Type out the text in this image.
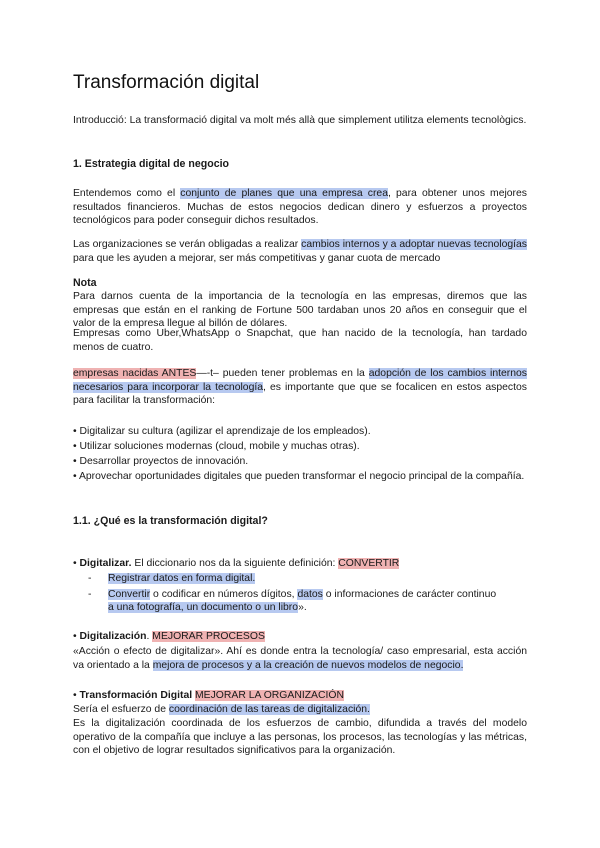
Transformación digital

Introducció: La transformació digital va molt més allà que simplement utilitza elements tecnològics.

1. Estrategia digital de negocio

Entendemos como el conjunto de planes que una empresa crea, para obtener unos mejores resultados financieros. Muchas de estos negocios dedican dinero y esfuerzos a proyectos tecnológicos para poder conseguir dichos resultados.

Las organizaciones se verán obligadas a realizar cambios internos y a adoptar nuevas tecnologías para que les ayuden a mejorar, ser más competitivas y ganar cuota de mercado

Nota

Para darnos cuenta de la importancia de la tecnología en las empresas, diremos que las empresas que están en el ranking de Fortune 500 tardaban unos 20 años en conseguir que el valor de la empresa llegue al billón de dólares.

Empresas como Uber,WhatsApp o Snapchat, que han nacido de la tecnología, han tardado menos de cuatro.

empresas nacidas ANTES—-t– pueden tener problemas en la adopción de los cambios internos necesarios para incorporar la tecnología, es importante que que se focalicen en estos aspectos para facilitar la transformación:

• Digitalizar su cultura (agilizar el aprendizaje de los empleados).
• Utilizar soluciones modernas (cloud, mobile y muchas otras).
• Desarrollar proyectos de innovación.
• Aprovechar oportunidades digitales que pueden transformar el negocio principal de la compañía.

1.1. ¿Qué es la transformación digital?

• Digitalizar. El diccionario nos da la siguiente definición: CONVERTIR

- Registrar datos en forma digital.
- Convertir o codificar en números dígitos, datos o informaciones de carácter continuo
a una fotografía, un documento o un libro».

• Digitalización. MEJORAR PROCESOS

«Acción o efecto de digitalizar». Ahí es donde entra la tecnología/ caso empresarial, esta acción va orientado a la mejora de procesos y a la creación de nuevos modelos de negocio.

• Transformación Digital MEJORAR LA ORGANIZACIÓN

Sería el esfuerzo de coordinación de las tareas de digitalización.

Es la digitalización coordinada de los esfuerzos de cambio, difundida a través del modelo operativo de la compañía que incluye a las personas, los procesos, las tecnologías y las métricas, con el objetivo de lograr resultados significativos para la organización.
